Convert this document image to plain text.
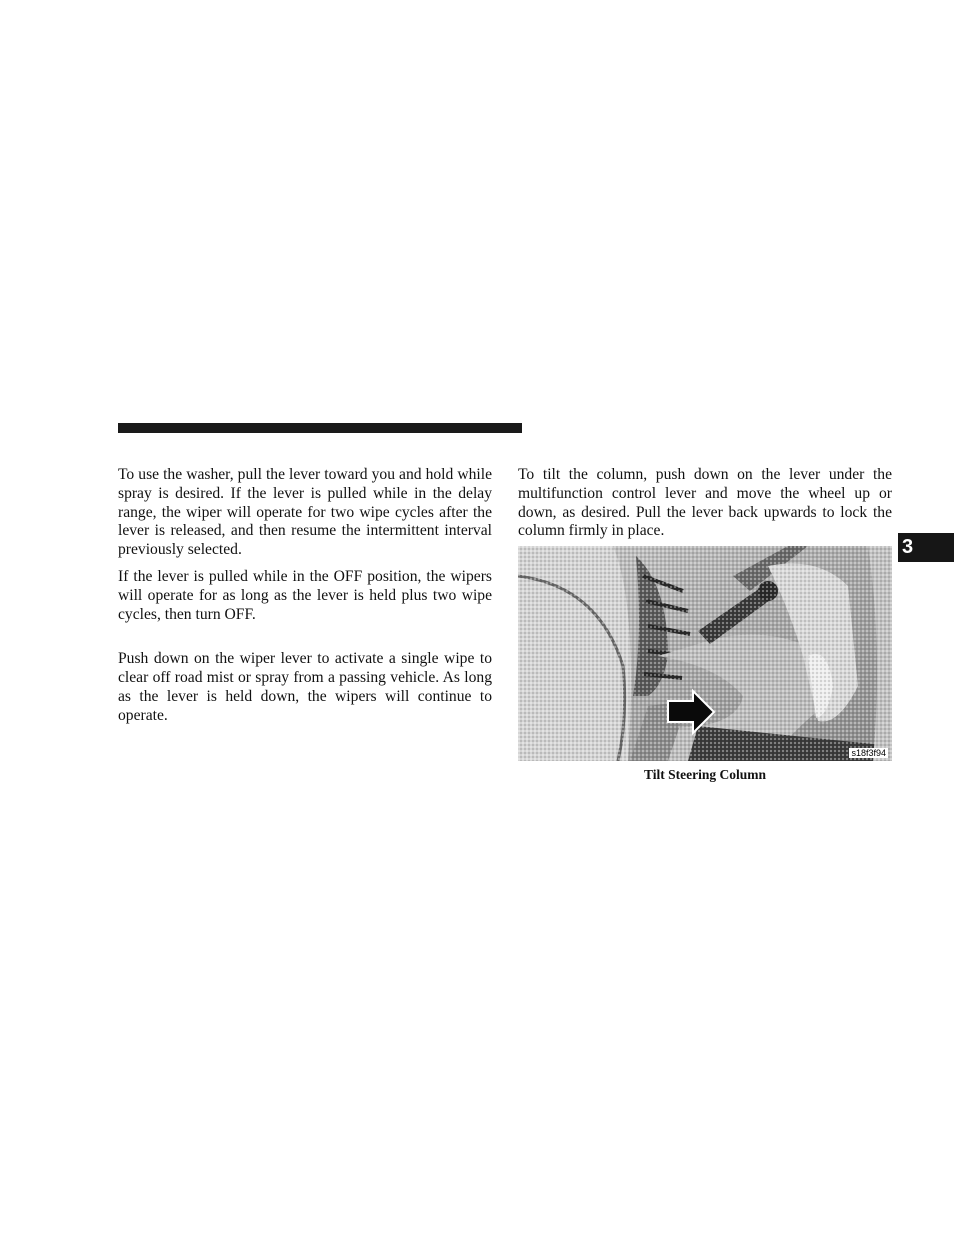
To use the washer, pull the lever toward you and hold while spray is desired. If the lever is pulled while in the delay range, the wiper will operate for two wipe cycles after the lever is released, and then resume the intermittent interval previously selected.

If the lever is pulled while in the OFF position, the wipers will operate for as long as the lever is held plus two wipe cycles, then turn OFF.

Push down on the wiper lever to activate a single wipe to clear off road mist or spray from a passing vehicle. As long as the lever is held down, the wipers will continue to operate.

To tilt the column, push down on the lever under the multifunction control lever and move the wheel up or down, as desired. Pull the lever back upwards to lock the column firmly in place.

s18f3f94
Tilt Steering Column
3
